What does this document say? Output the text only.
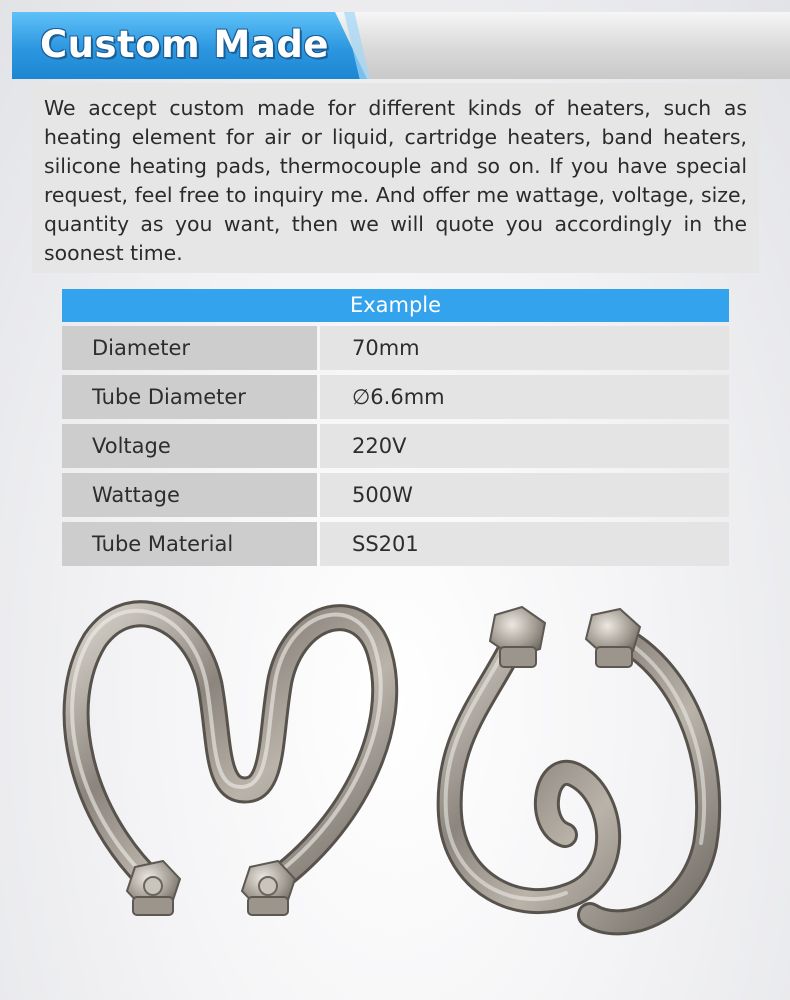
Custom Made

We accept custom made for different kinds of heaters, such as heating element for air or liquid, cartridge heaters, band heaters, silicone heating pads, thermocouple and so on. If you have special request, feel free to inquiry me. And offer me wattage, voltage, size, quantity as you want, then we will quote you accordingly in the soonest time.

Example
Diameter	70mm
Tube Diameter	∅6.6mm
Voltage	220V
Wattage	500W
Tube Material	SS201
